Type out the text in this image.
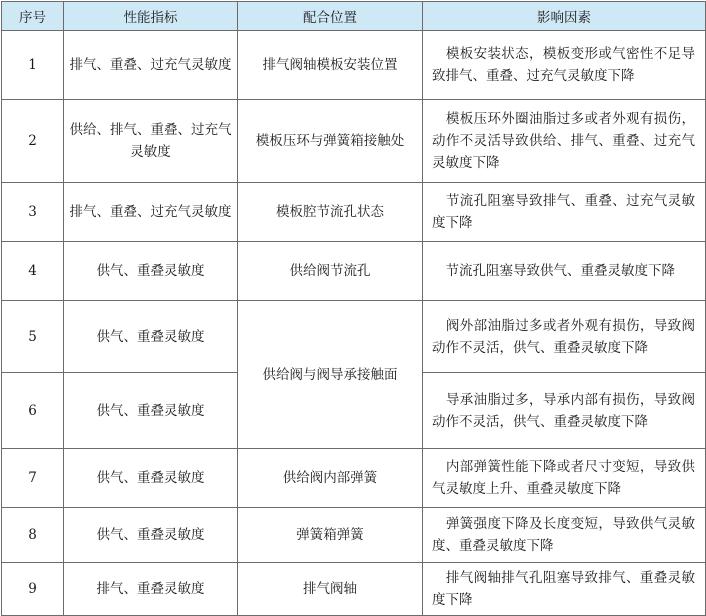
序号	性能指标	配合位置	影响因素
1	排气、重叠、过充气灵敏度	排气阀轴模板安装位置	模板安装状态，模板变形或气密性不足导致排气、重叠、过充气灵敏度下降
2	供给、排气、重叠、过充气灵敏度	模板压环与弹簧箱接触处	模板压环外圈油脂过多或者外观有损伤，动作不灵活导致供给、排气、重叠、过充气灵敏度下降
3	排气、重叠、过充气灵敏度	模板腔节流孔状态	节流孔阻塞导致排气、重叠、过充气灵敏度下降
4	供气、重叠灵敏度	供给阀节流孔	节流孔阻塞导致供气、重叠灵敏度下降
5	供气、重叠灵敏度	供给阀与阀导承接触面	阀外部油脂过多或者外观有损伤，导致阀动作不灵活，供气、重叠灵敏度下降
6	供气、重叠灵敏度		导承油脂过多，导承内部有损伤，导致阀动作不灵活，供气、重叠灵敏度下降
7	供气、重叠灵敏度	供给阀内部弹簧	内部弹簧性能下降或者尺寸变短，导致供气灵敏度上升、重叠灵敏度下降
8	供气、重叠灵敏度	弹簧箱弹簧	弹簧强度下降及长度变短，导致供气灵敏度、重叠灵敏度下降
9	排气、重叠灵敏度	排气阀轴	排气阀轴排气孔阻塞导致排气、重叠灵敏度下降
